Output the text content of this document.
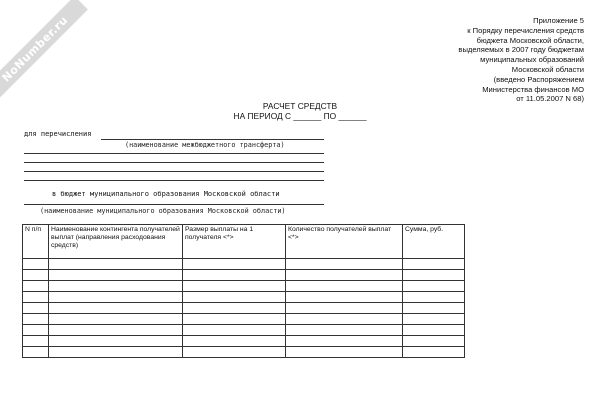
NoNumber.ru	Приложение 5
к Порядку перечисления средств
бюджета Московской области,
выделяемых в 2007 году бюджетам
муниципальных образований
Московской области
(введено Распоряжением
Министерства финансов МО
от 11.05.2007 N 68)
РАСЧЕТ СРЕДСТВ
НА ПЕРИОД С ______ ПО ______
для перечисления
(наименование межбюджетного трансферта)
в бюджет муниципального образования Московской области
(наименование муниципального образования Московской области)
N п/п	Наименование контингента получателей выплат (направления расходования средств)	Размер выплаты на 1 получателя <*>	Количество получателей выплат <*>	Сумма, руб.
